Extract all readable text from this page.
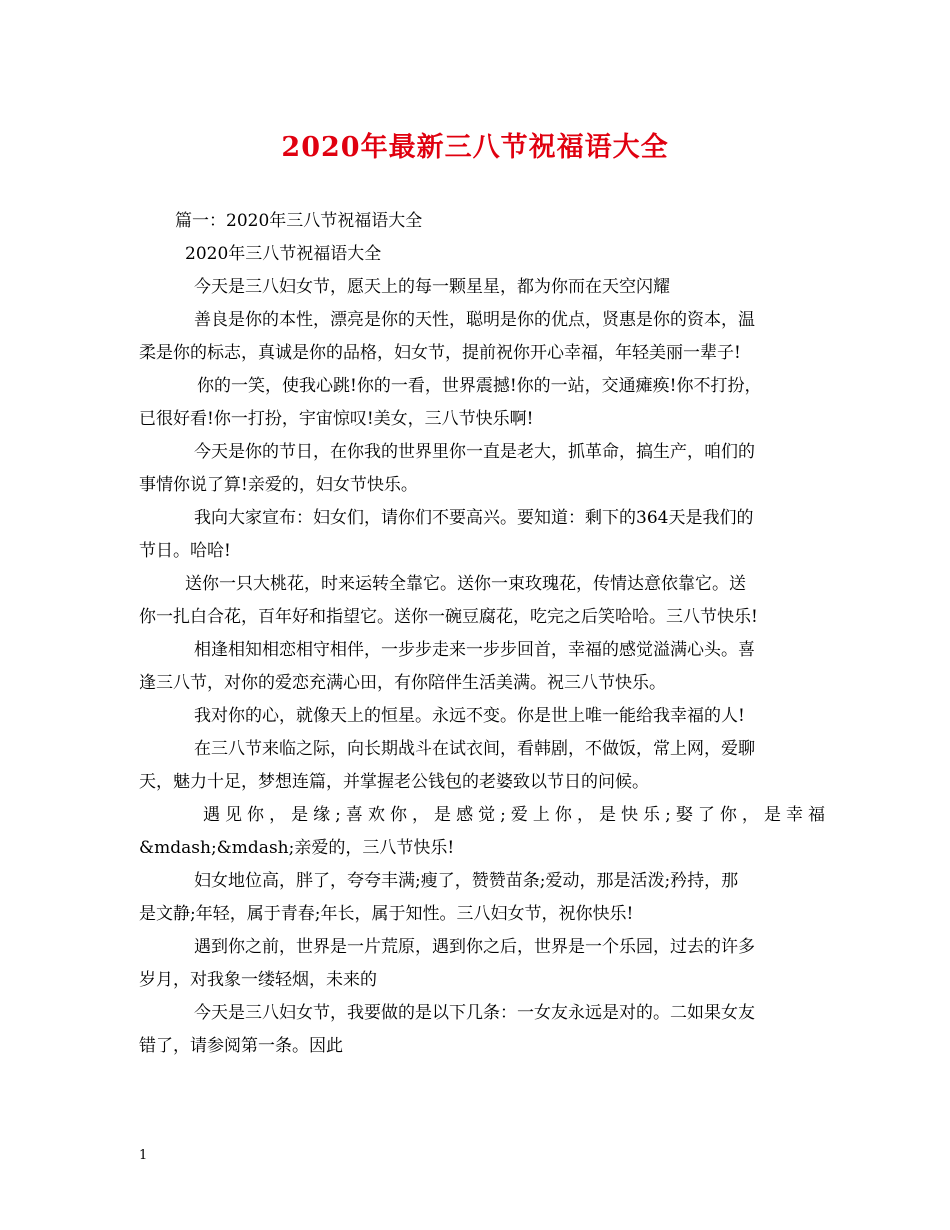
2020年最新三八节祝福语大全
篇一：2020年三八节祝福语大全
2020年三八节祝福语大全
今天是三八妇女节，愿天上的每一颗星星，都为你而在天空闪耀
善良是你的本性，漂亮是你的天性，聪明是你的优点，贤惠是你的资本，温
柔是你的标志，真诚是你的品格，妇女节，提前祝你开心幸福，年轻美丽一辈子!
你的一笑，使我心跳!你的一看，世界震撼!你的一站，交通瘫痪!你不打扮，
已很好看!你一打扮，宇宙惊叹!美女，三八节快乐啊!
今天是你的节日，在你我的世界里你一直是老大，抓革命，搞生产，咱们的
事情你说了算!亲爱的，妇女节快乐。
我向大家宣布：妇女们，请你们不要高兴。要知道：剩下的364天是我们的
节日。哈哈!
送你一只大桃花，时来运转全靠它。送你一束玫瑰花，传情达意依靠它。送
你一扎白合花，百年好和指望它。送你一碗豆腐花，吃完之后笑哈哈。三八节快乐!
相逢相知相恋相守相伴，一步步走来一步步回首，幸福的感觉溢满心头。喜
逢三八节，对你的爱恋充满心田，有你陪伴生活美满。祝三八节快乐。
我对你的心，就像天上的恒星。永远不变。你是世上唯一能给我幸福的人!
在三八节来临之际，向长期战斗在试衣间，看韩剧，不做饭，常上网，爱聊
天，魅力十足，梦想连篇，并掌握老公钱包的老婆致以节日的问候。
遇见你，是缘;喜欢你，是感觉;爱上你，是快乐;娶了你，是幸福
&mdash;&mdash;亲爱的，三八节快乐!
妇女地位高，胖了，夸夸丰满;瘦了，赞赞苗条;爱动，那是活泼;矜持，那
是文静;年轻，属于青春;年长，属于知性。三八妇女节，祝你快乐!
遇到你之前，世界是一片荒原，遇到你之后，世界是一个乐园，过去的许多
岁月，对我象一缕轻烟，未来的
今天是三八妇女节，我要做的是以下几条：一女友永远是对的。二如果女友
错了，请参阅第一条。因此
1
